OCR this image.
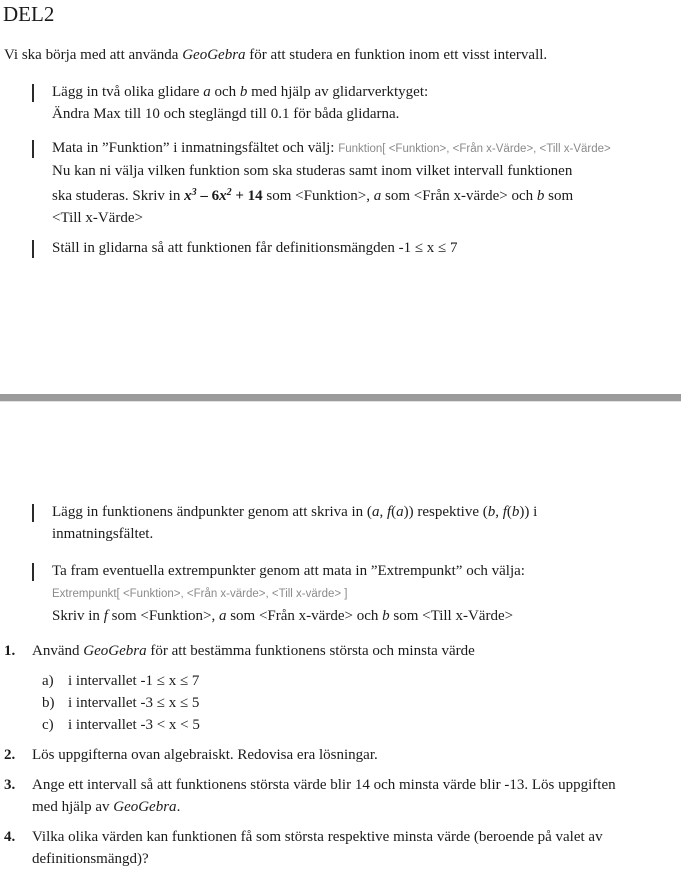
DEL2
Vi ska börja med att använda GeoGebra för att studera en funktion inom ett visst intervall.
Lägg in två olika glidare a och b med hjälp av glidarverktyget:
Ändra Max till 10 och steglängd till 0.1 för båda glidarna.
Mata in ”Funktion” i inmatningsfältet och välj: Funktion[ <Funktion>, <Från x-Värde>, <Till x-Värde>
Nu kan ni välja vilken funktion som ska studeras samt inom vilket intervall funktionen
ska studeras. Skriv in $x^3 - 6x^2 + 14$ som <Funktion>, a som <Från x-värde> och b som
<Till x-Värde>
Ställ in glidarna så att funktionen får definitionsmängden -1 ≤ x ≤ 7
Lägg in funktionens ändpunkter genom att skriva in (a, f(a)) respektive (b, f(b)) i
inmatningsfältet.
Ta fram eventuella extrempunkter genom att mata in ”Extrempunkt” och välja:
Extrempunkt[ <Funktion>, <Från x-värde>, <Till x-värde> ]
Skriv in f som <Funktion>, a som <Från x-värde> och b som <Till x-Värde>
1.	Använd GeoGebra för att bestämma funktionens största och minsta värde
a) i intervallet -1 ≤ x ≤ 7
b) i intervallet -3 ≤ x ≤ 5
c) i intervallet -3 < x < 5
2.	Lös uppgifterna ovan algebraiskt. Redovisa era lösningar.
3.	Ange ett intervall så att funktionens största värde blir 14 och minsta värde blir -13. Lös uppgiften
med hjälp av GeoGebra.
4.	Vilka olika värden kan funktionen få som största respektive minsta värde (beroende på valet av
definitionsmängd)?
